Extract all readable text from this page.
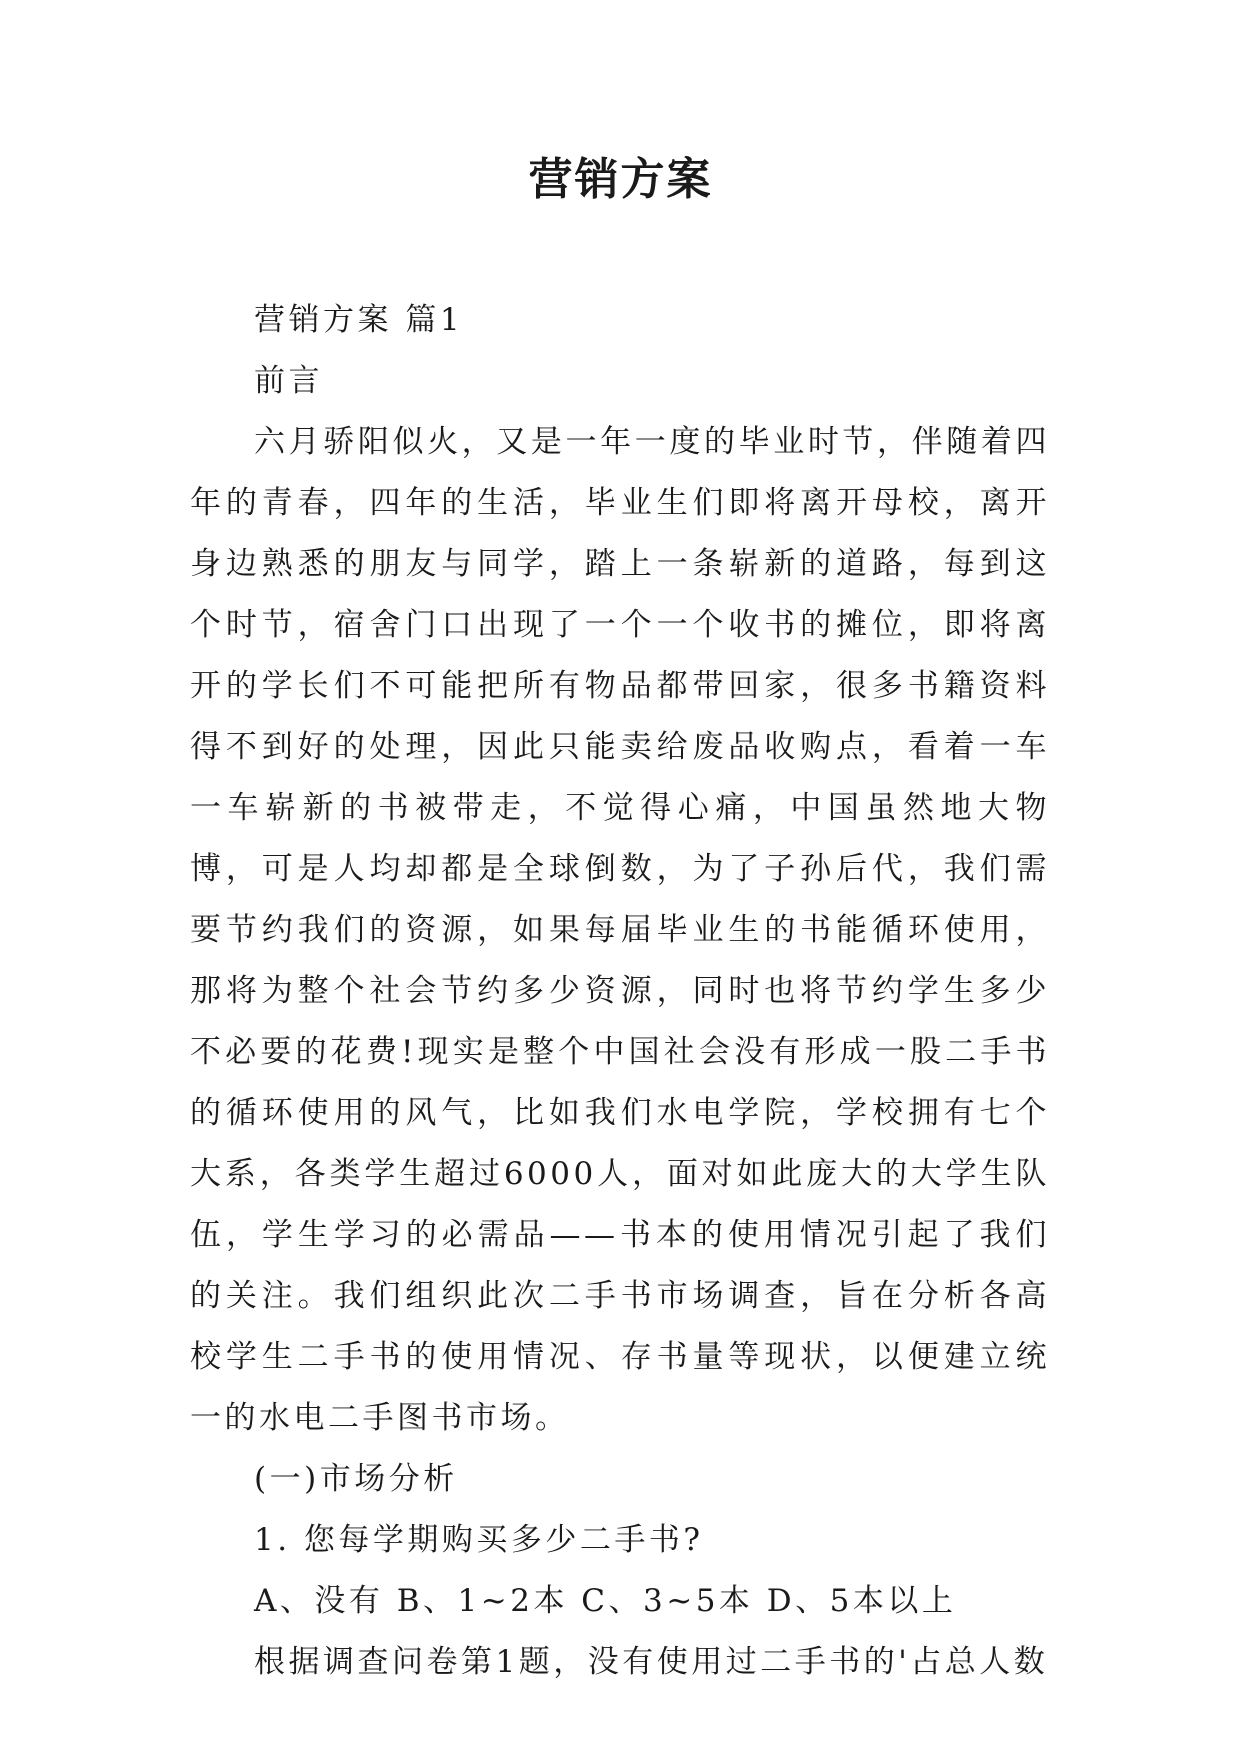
营销方案

营销方案 篇1

前言

六月骄阳似火，又是一年一度的毕业时节，伴随着四年的青春，四年的生活，毕业生们即将离开母校，离开身边熟悉的朋友与同学，踏上一条崭新的道路，每到这个时节，宿舍门口出现了一个一个收书的摊位，即将离开的学长们不可能把所有物品都带回家，很多书籍资料得不到好的处理，因此只能卖给废品收购点，看着一车一车崭新的书被带走，不觉得心痛，中国虽然地大物博，可是人均却都是全球倒数，为了子孙后代，我们需要节约我们的资源，如果每届毕业生的书能循环使用，那将为整个社会节约多少资源，同时也将节约学生多少不必要的花费!现实是整个中国社会没有形成一股二手书的循环使用的风气，比如我们水电学院，学校拥有七个大系，各类学生超过6000人，面对如此庞大的大学生队伍，学生学习的必需品——书本的使用情况引起了我们的关注。我们组织此次二手书市场调查，旨在分析各高校学生二手书的使用情况、存书量等现状，以便建立统一的水电二手图书市场。

(一)市场分析

1. 您每学期购买多少二手书?

A、没有 B、1~2本 C、3~5本 D、5本以上

根据调查问卷第1题，没有使用过二手书的'占总人数
